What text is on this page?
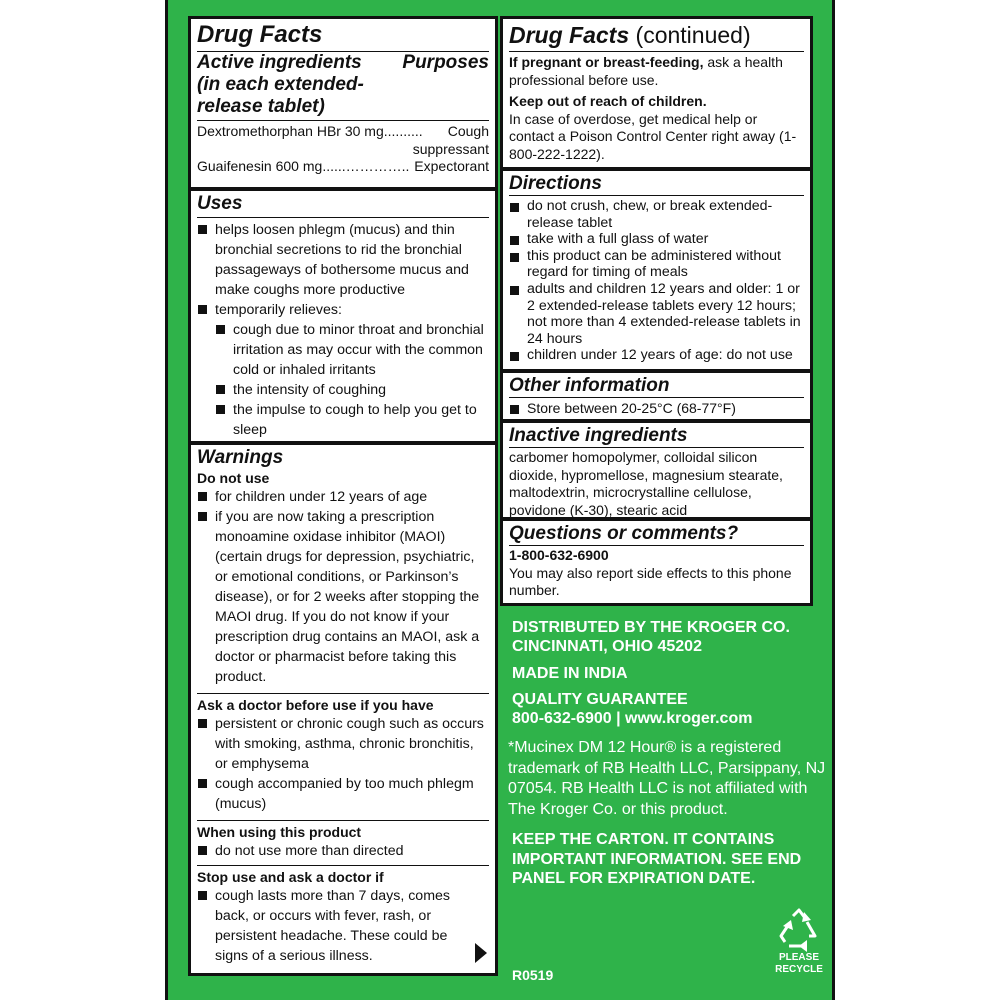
Drug Facts
Active ingredients Purposes
(in each extended-
release tablet)
Dextromethorphan HBr 30 mg.......... Cough
suppressant
Guaifenesin 600 mg......………….. Expectorant
Uses
helps loosen phlegm (mucus) and thin bronchial secretions to rid the bronchial passageways of bothersome mucus and make coughs more productive
temporarily relieves:
cough due to minor throat and bronchial irritation as may occur with the common cold or inhaled irritants
the intensity of coughing
the impulse to cough to help you get to sleep
Warnings
Do not use
for children under 12 years of age
if you are now taking a prescription monoamine oxidase inhibitor (MAOI) (certain drugs for depression, psychiatric, or emotional conditions, or Parkinson’s disease), or for 2 weeks after stopping the MAOI drug. If you do not know if your prescription drug contains an MAOI, ask a doctor or pharmacist before taking this product.
Ask a doctor before use if you have
persistent or chronic cough such as occurs with smoking, asthma, chronic bronchitis, or emphysema
cough accompanied by too much phlegm (mucus)
When using this product
do not use more than directed
Stop use and ask a doctor if
cough lasts more than 7 days, comes back, or occurs with fever, rash, or persistent headache. These could be signs of a serious illness.
Drug Facts (continued)
If pregnant or breast-feeding, ask a health professional before use.
Keep out of reach of children.
In case of overdose, get medical help or contact a Poison Control Center right away (1-800-222-1222).
Directions
do not crush, chew, or break extended-release tablet
take with a full glass of water
this product can be administered without regard for timing of meals
adults and children 12 years and older: 1 or 2 extended-release tablets every 12 hours; not more than 4 extended-release tablets in 24 hours
children under 12 years of age: do not use
Other information
Store between 20-25°C (68-77°F)
Inactive ingredients
carbomer homopolymer, colloidal silicon dioxide, hypromellose, magnesium stearate, maltodextrin, microcrystalline cellulose, povidone (K-30), stearic acid
Questions or comments?
1-800-632-6900
You may also report side effects to this phone number.
DISTRIBUTED BY THE KROGER CO.
CINCINNATI, OHIO 45202
MADE IN INDIA
QUALITY GUARANTEE
800-632-6900 | www.kroger.com
*Mucinex DM 12 Hour® is a registered trademark of RB Health LLC, Parsippany, NJ 07054. RB Health LLC is not affiliated with The Kroger Co. or this product.
KEEP THE CARTON. IT CONTAINS IMPORTANT INFORMATION. SEE END PANEL FOR EXPIRATION DATE.
R0519
PLEASE
RECYCLE
